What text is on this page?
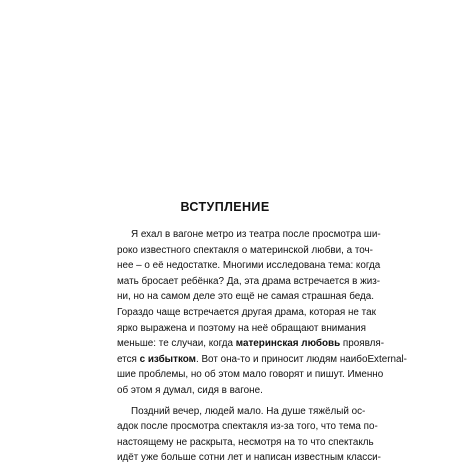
ВСТУПЛЕНИЕ
Я ехал в вагоне метро из театра после просмотра ши-
роко известного спектакля о материнской любви, а точ-
нее – о её недостатке. Многими исследована тема: когда
мать бросает ребёнка? Да, эта драма встречается в жиз-
ни, но на самом деле это ещё не самая страшная беда.
Гораздо чаще встречается другая драма, которая не так
ярко выражена и поэтому на неё обращают внимания
меньше: те случаи, когда материнская любовь проявля-
ется с избытком. Вот она-то и приносит людям наибоExternal-
шие проблемы, но об этом мало говорят и пишут. Именно
об этом я думал, сидя в вагоне.
Поздний вечер, людей мало. На душе тяжёлый ос-
адок после просмотра спектакля из-за того, что тема по-
настоящему не раскрыта, несмотря на то что спектакль
идёт уже больше сотни лет и написан известным класси-
